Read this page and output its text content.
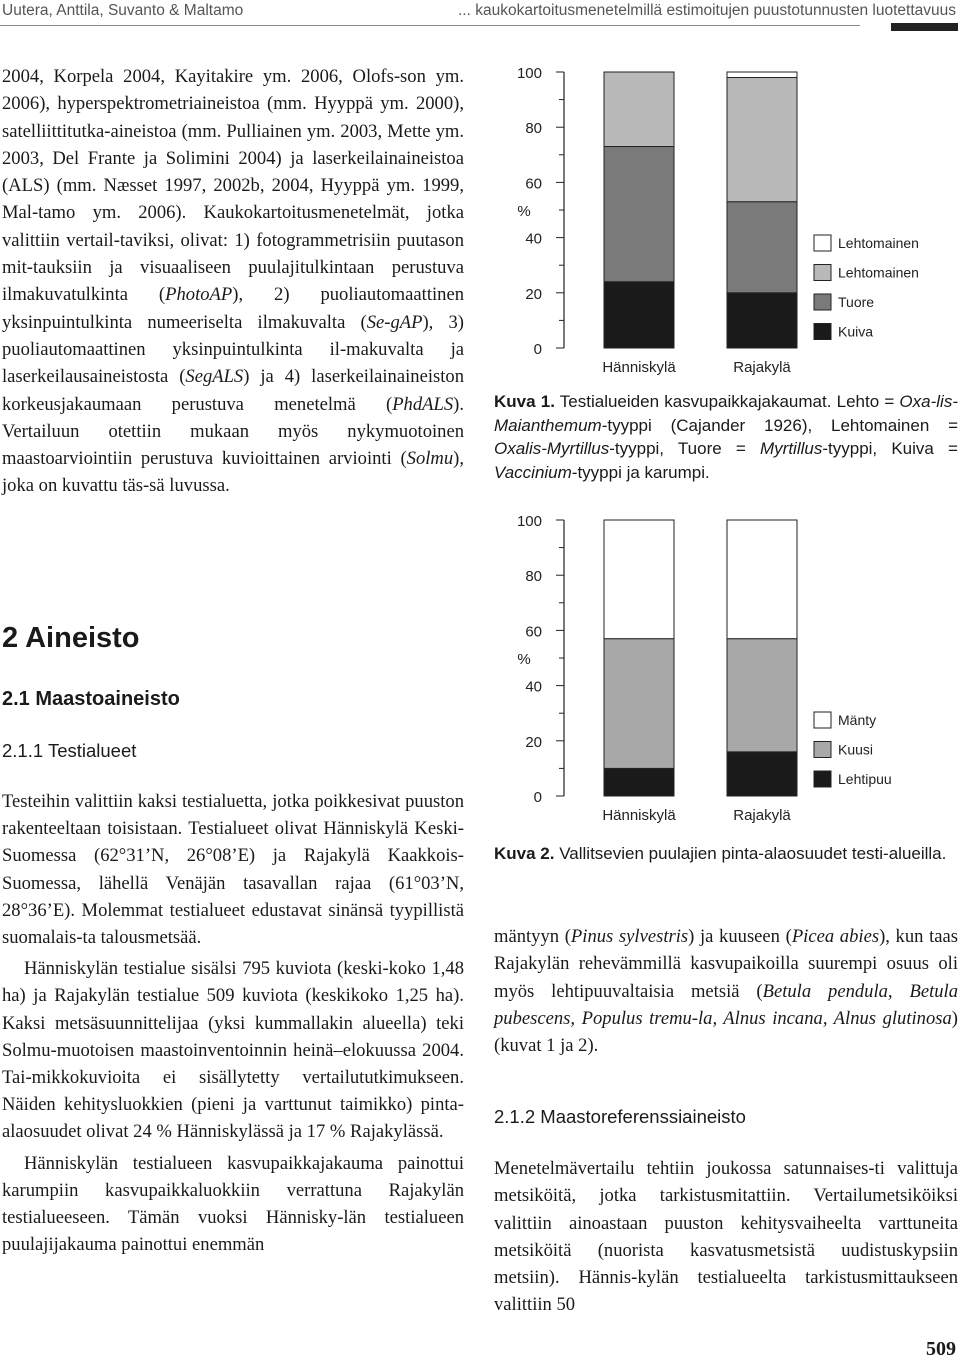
Uutera, Anttila, Suvanto & Maltamo	... kaukokartoitusmenetelmillä estimoitujen puustotunnusten luotettavuus

2004, Korpela 2004, Kayitakire ym. 2006, Olofs-son ym. 2006), hyperspektrometriaineistoa (mm. Hyyppä ym. 2000), satelliittitutka-aineistoa (mm. Pulliainen ym. 2003, Mette ym. 2003, Del Frante ja Solimini 2004) ja laserkeilainaineistoa (ALS) (mm. Næsset 1997, 2002b, 2004, Hyyppä ym. 1999, Mal-tamo ym. 2006). Kaukokartoitusmenetelmät, jotka valittiin vertail-taviksi, olivat: 1) fotogrammetrisiin puutason mit-tauksiin ja visuaaliseen puulajitulkintaan perustuva ilmakuvatulkinta (PhotoAP), 2) puoliautomaattinen yksinpuintulkinta numeeriselta ilmakuvalta (Se-gAP), 3) puoliautomaattinen yksinpuintulkinta il-makuvalta ja laserkeilausaineistosta (SegALS) ja 4) laserkeilainaineiston korkeusjakaumaan perustuva menetelmä (PhdALS). Vertailuun otettiin mukaan myös nykymuotoinen maastoarviointiin perustuva kuvioittainen arviointi (Solmu), joka on kuvattu täs-sä luvussa.

2 Aineisto
2.1 Maastoaineisto
2.1.1 Testialueet

Testeihin valittiin kaksi testialuetta, jotka poikkesivat puuston rakenteeltaan toisistaan. Testialueet olivat Hänniskylä Keski-Suomessa (62°31’N, 26°08’E) ja Rajakylä Kaakkois-Suomessa, lähellä Venäjän tasavallan rajaa (61°03’N, 28°36’E). Molemmat testialueet edustavat sinänsä tyypillistä suomalais-ta talousmetsää.

Hänniskylän testialue sisälsi 795 kuviota (keski-koko 1,48 ha) ja Rajakylän testialue 509 kuviota (keskikoko 1,25 ha). Kaksi metsäsuunnittelijaa (yksi kummallakin alueella) teki Solmu-muotoisen maastoinventoinnin heinä–elokuussa 2004. Tai-mikkokuvioita ei sisällytetty vertailututkimukseen. Näiden kehitysluokkien (pieni ja varttunut taimikko) pinta-alaosuudet olivat 24 % Hänniskylässä ja 17 % Rajakylässä.

Hänniskylän testialueen kasvupaikkajakauma painottui karumpiin kasvupaikkaluokkiin verrattuna Rajakylän testialueeseen. Tämän vuoksi Hännisky-län testialueen puulajijakauma painottui enemmän

0
20
40
60
80
100
%
Hänniskylä	Rajakylä
Lehtomainen
Lehtomainen
Tuore
Kuiva
Kuva 1. Testialueiden kasvupaikkajakaumat. Lehto = Oxa-lis-Maianthemum-tyyppi (Cajander 1926), Lehtomainen = Oxalis-Myrtillus-tyyppi, Tuore = Myrtillus-tyyppi, Kuiva = Vaccinium-tyyppi ja karumpi.
0
20
40
60
80
100
%
Hänniskylä	Rajakylä
Mänty
Kuusi
Lehtipuu
Kuva 2. Vallitsevien puulajien pinta-alaosuudet testi-alueilla.

mäntyyn (Pinus sylvestris) ja kuuseen (Picea abies), kun taas Rajakylän rehevämmillä kasvupaikoilla suurempi osuus oli myös lehtipuuvaltaisia metsiä (Betula pendula, Betula pubescens, Populus tremu-la, Alnus incana, Alnus glutinosa) (kuvat 1 ja 2).

2.1.2 Maastoreferenssiaineisto

Menetelmävertailu tehtiin joukossa satunnaises-ti valittuja metsiköitä, jotka tarkistusmitattiin. Vertailumetsiköiksi valittiin ainoastaan puuston kehitysvaiheelta varttuneita metsiköitä (nuorista kasvatusmetsistä uudistuskypsiin metsiin). Hännis-kylän testialueelta tarkistusmittaukseen valittiin 50

509
